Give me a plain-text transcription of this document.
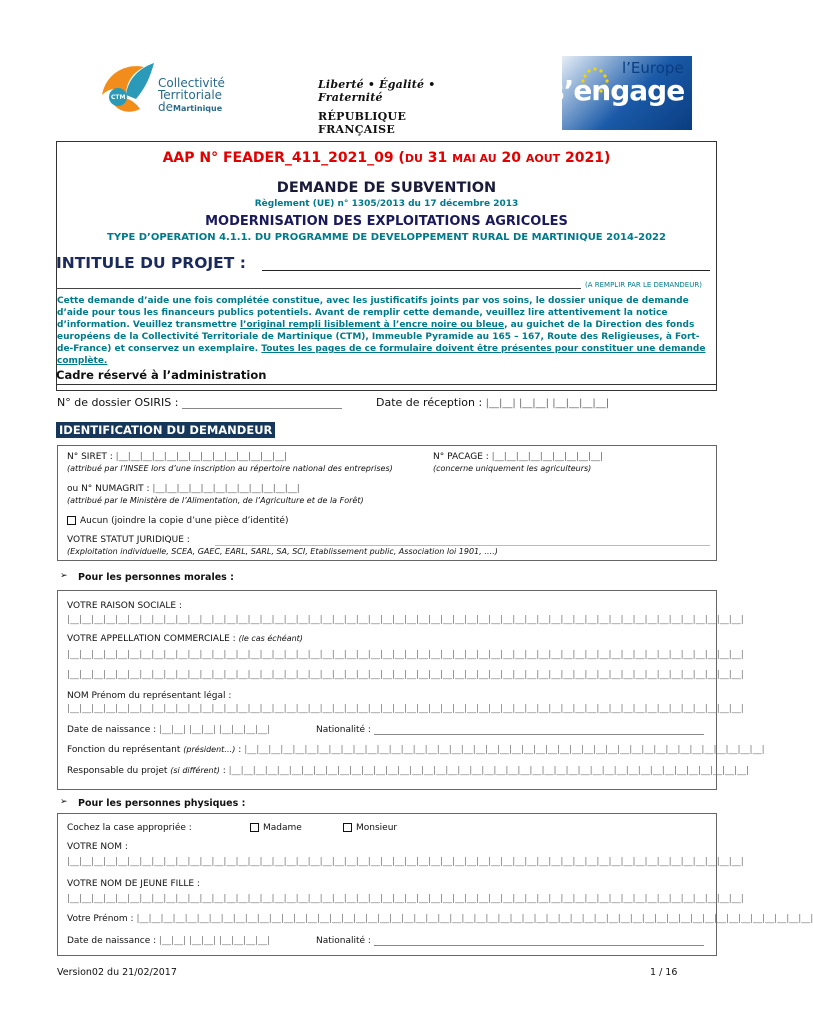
CTM
Collectivité
Territoriale
deMartinique
Liberté • Égalité • Fraternité
RÉPUBLIQUE FRANÇAISE
l’Europe
s’engage
AAP N° FEADER_411_2021_09 (DU 31 MAI AU 20 AOUT 2021)
DEMANDE DE SUBVENTION
Règlement (UE) n° 1305/2013 du 17 décembre 2013
MODERNISATION DES EXPLOITATIONS AGRICOLES
TYPE D’OPERATION 4.1.1. DU PROGRAMME DE DEVELOPPEMENT RURAL DE MARTINIQUE 2014-2022
INTITULE DU PROJET :
(A REMPLIR PAR LE DEMANDEUR)
Cette demande d’aide une fois complétée constitue, avec les justificatifs joints par vos soins, le dossier unique de demande d’aide pour tous les financeurs publics potentiels. Avant de remplir cette demande, veuillez lire attentivement la notice d’information. Veuillez transmettre l’original rempli lisiblement à l’encre noire ou bleue, au guichet de la Direction des fonds européens de la Collectivité Territoriale de Martinique (CTM), Immeuble Pyramide au 165 – 167, Route des Religieuses, à Fort-de-France) et conservez un exemplaire. Toutes les pages de ce formulaire doivent être présentes pour constituer une demande complète.
Cadre réservé à l’administration
N° de dossier OSIRIS :	Date de réception : |__|__| |__|__| |__|__|__|__|
IDENTIFICATION DU DEMANDEUR
N° SIRET : |__|__|__|__|__|__|__|__|__|__|__|__|__|__|
(attribué par l’INSEE lors d’une inscription au répertoire national des entreprises)
N° PACAGE : |__|__|__|__|__|__|__|__|__|
(concerne uniquement les agriculteurs)
ou N° NUMAGRIT : |__|__|__|__|__|__|__|__|__|__|__|__|
(attribué par le Ministère de l’Alimentation, de l’Agriculture et de la Forêt)
Aucun (joindre la copie d’une pièce d’identité)
VOTRE STATUT JURIDIQUE :
(Exploitation individuelle, SCEA, GAEC, EARL, SARL, SA, SCI, Etablissement public, Association loi 1901, ….)
➢ Pour les personnes morales :
VOTRE RAISON SOCIALE :
|__|__|__|__|__|__|__|__|__|__|__|__|__|__|__|__|__|__|__|__|__|__|__|__|__|__|__|__|__|__|__|__|__|__|__|__|__|__|__|__|__|__|__|__|__|__|__|__|__|__|__|__|__|__|__|__|
VOTRE APPELLATION COMMERCIALE : (le cas échéant)
|__|__|__|__|__|__|__|__|__|__|__|__|__|__|__|__|__|__|__|__|__|__|__|__|__|__|__|__|__|__|__|__|__|__|__|__|__|__|__|__|__|__|__|__|__|__|__|__|__|__|__|__|__|__|__|__|
|__|__|__|__|__|__|__|__|__|__|__|__|__|__|__|__|__|__|__|__|__|__|__|__|__|__|__|__|__|__|__|__|__|__|__|__|__|__|__|__|__|__|__|__|__|__|__|__|__|__|__|__|__|__|__|__|
NOM Prénom du représentant légal :
|__|__|__|__|__|__|__|__|__|__|__|__|__|__|__|__|__|__|__|__|__|__|__|__|__|__|__|__|__|__|__|__|__|__|__|__|__|__|__|__|__|__|__|__|__|__|__|__|__|__|__|__|__|__|__|__|
Date de naissance : |__|__| |__|__| |__|__|__|__|	Nationalité :
Fonction du représentant (président…) : |__|__|__|__|__|__|__|__|__|__|__|__|__|__|__|__|__|__|__|__|__|__|__|__|__|__|__|__|__|__|__|__|__|__|__|__|__|__|__|__|__|__|__|
Responsable du projet (si différent) : |__|__|__|__|__|__|__|__|__|__|__|__|__|__|__|__|__|__|__|__|__|__|__|__|__|__|__|__|__|__|__|__|__|__|__|__|__|__|__|__|__|__|__|
➢ Pour les personnes physiques :
Cochez la case appropriée :	Madame	Monsieur
VOTRE NOM :
|__|__|__|__|__|__|__|__|__|__|__|__|__|__|__|__|__|__|__|__|__|__|__|__|__|__|__|__|__|__|__|__|__|__|__|__|__|__|__|__|__|__|__|__|__|__|__|__|__|__|__|__|__|__|__|__|
VOTRE NOM DE JEUNE FILLE :
|__|__|__|__|__|__|__|__|__|__|__|__|__|__|__|__|__|__|__|__|__|__|__|__|__|__|__|__|__|__|__|__|__|__|__|__|__|__|__|__|__|__|__|__|__|__|__|__|__|__|__|__|__|__|__|__|
Votre Prénom : |__|__|__|__|__|__|__|__|__|__|__|__|__|__|__|__|__|__|__|__|__|__|__|__|__|__|__|__|__|__|__|__|__|__|__|__|__|__|__|__|__|__|__|__|__|__|__|__|__|__|__|__|__|__|__|__|
Date de naissance : |__|__| |__|__| |__|__|__|__|	Nationalité :
Version02 du 21/02/2017	1 / 16
